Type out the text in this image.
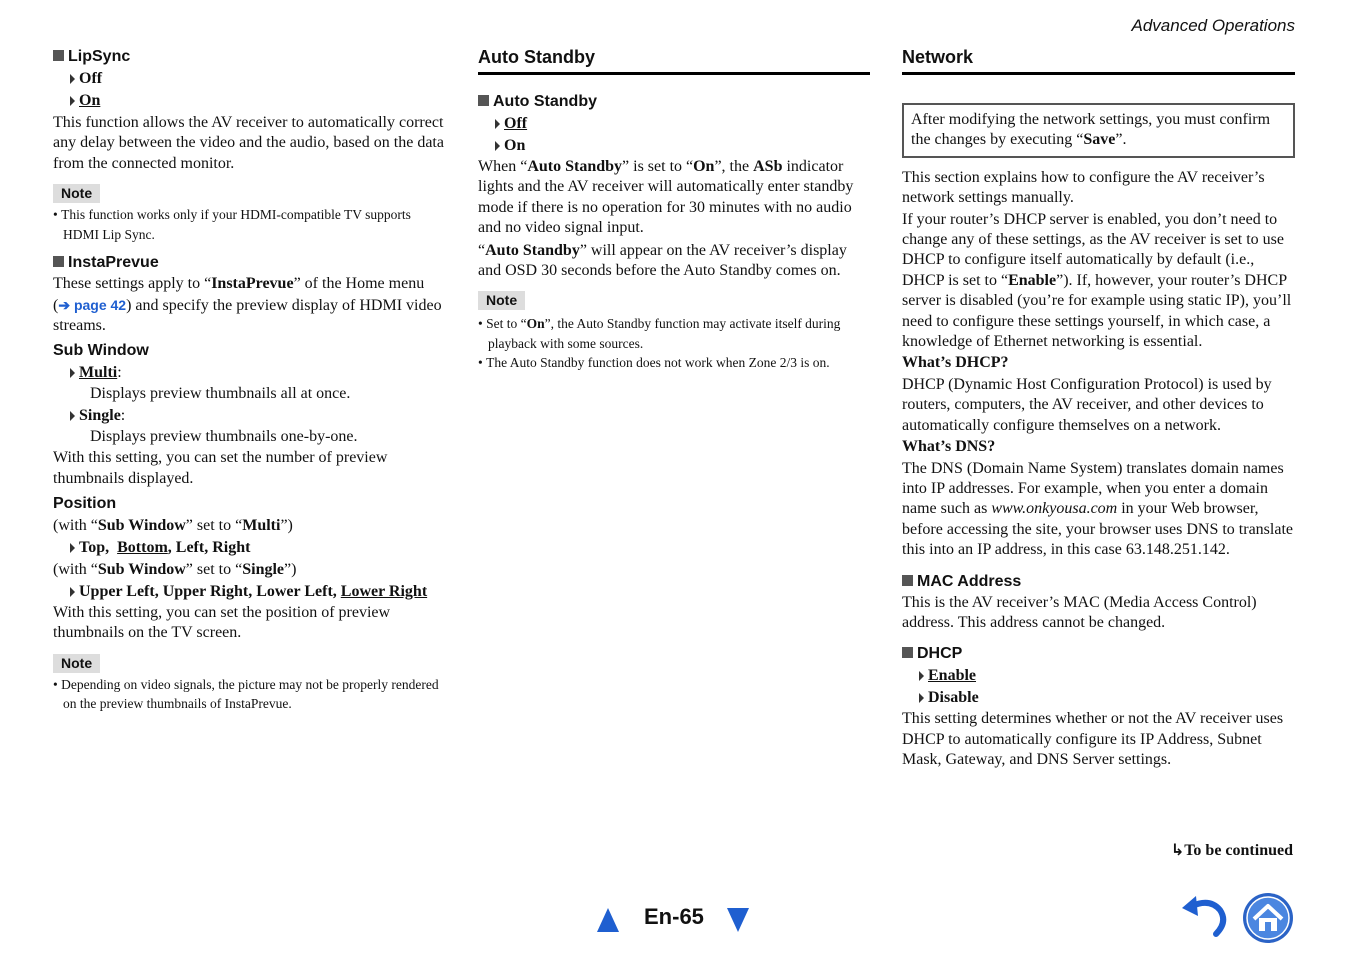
Advanced Operations
LipSync

Off

On

This function allows the AV receiver to automatically correct any delay between the video and the audio, based on the data from the connected monitor.

Note

• This function works only if your HDMI-compatible TV supports HDMI Lip Sync.

InstaPrevue

These settings apply to “InstaPrevue” of the Home menu (➔ page 42) and specify the preview display of HDMI video streams.

Sub Window

Multi:

Displays preview thumbnails all at once.

Single:

Displays preview thumbnails one-by-one.

With this setting, you can set the number of preview thumbnails displayed.

Position

(with “Sub Window” set to “Multi”)

Top,  Bottom, Left, Right

(with “Sub Window” set to “Single”)

Upper Left, Upper Right, Lower Left, Lower Right

With this setting, you can set the position of preview thumbnails on the TV screen.

Note

• Depending on video signals, the picture may not be properly rendered on the preview thumbnails of InstaPrevue.

Auto Standby
Auto Standby

Off

On

When “Auto Standby” is set to “On”, the ASb indicator lights and the AV receiver will automatically enter standby mode if there is no operation for 30 minutes with no audio and no video signal input.

“Auto Standby” will appear on the AV receiver’s display and OSD 30 seconds before the Auto Standby comes on.

Note

• Set to “On”, the Auto Standby function may activate itself during playback with some sources.

• The Auto Standby function does not work when Zone 2/3 is on.

Network
After modifying the network settings, you must confirm the changes by executing “Save”.

This section explains how to configure the AV receiver’s network settings manually.

If your router’s DHCP server is enabled, you don’t need to change any of these settings, as the AV receiver is set to use DHCP to configure itself automatically by default (i.e., DHCP is set to “Enable”). If, however, your router’s DHCP server is disabled (you’re for example using static IP), you’ll need to configure these settings yourself, in which case, a knowledge of Ethernet networking is essential.

What’s DHCP?

DHCP (Dynamic Host Configuration Protocol) is used by routers, computers, the AV receiver, and other devices to automatically configure themselves on a network.

What’s DNS?

The DNS (Domain Name System) translates domain names into IP addresses. For example, when you enter a domain name such as www.onkyousa.com in your Web browser, before accessing the site, your browser uses DNS to translate this into an IP address, in this case 63.148.251.142.

MAC Address

This is the AV receiver’s MAC (Media Access Control) address. This address cannot be changed.

DHCP

Enable

Disable

This setting determines whether or not the AV receiver uses DHCP to automatically configure its IP Address, Subnet Mask, Gateway, and DNS Server settings.

↳To be continued
En-65
